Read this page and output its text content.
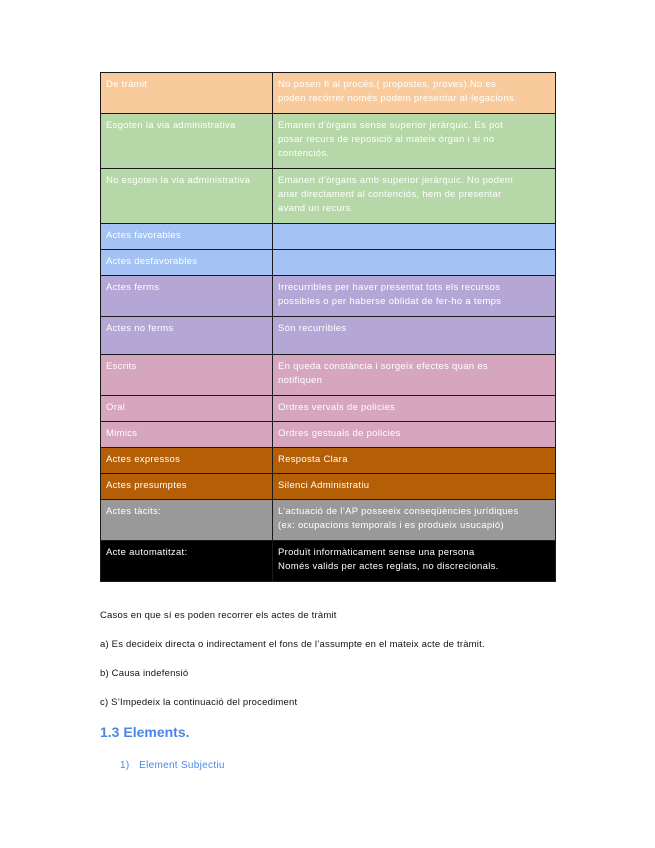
De tràmit	No posen fi al procés.( propostes, proves).No es
poden recórrer només podem presentar al·legacions
Esgoten la via administrativa	Emanen d’òrgans sense superior jeràrquic. Es pot
posar recurs de reposició al mateix òrgan i si no
contenciós.
No esgoten la via administrativa	Emanen d’òrgans amb superior jeràrquic. No podem
anar directament al contenciós, hem de presentar
avand un recurs.
Actes favorables	
Actes desfavorables	
Actes ferms	Irrecurribles per haver presentat tots els recursos
possibles o per haberse oblidat de fer-ho a temps
Actes no ferms	Són recurribles
Escrits	En queda constància i sorgeix efectes quan es
notifiquen
Oral	Ordres vervals de policies
Mimics	Ordres gestuals de policies
Actes expressos	Resposta Clara
Actes presumptes	Silenci Administratiu
Actes tàcits:	L’actuació de l’AP posseeix conseqüències jurídiques
(ex: ocupacions temporals i es produeix usucapió)
Acte automatitzat:	Produït informàticament sense una persona
Només valids per actes reglats, no discrecionals.
Casos en que sí es poden recorrer els actes de tràmit
a) Es decideix directa o indirectament el fons de l’assumpte en el mateix acte de tràmit.
b) Causa indefensió
c) S’Impedeix la continuació del procediment
1.3 Elements.
1) Element Subjectiu
